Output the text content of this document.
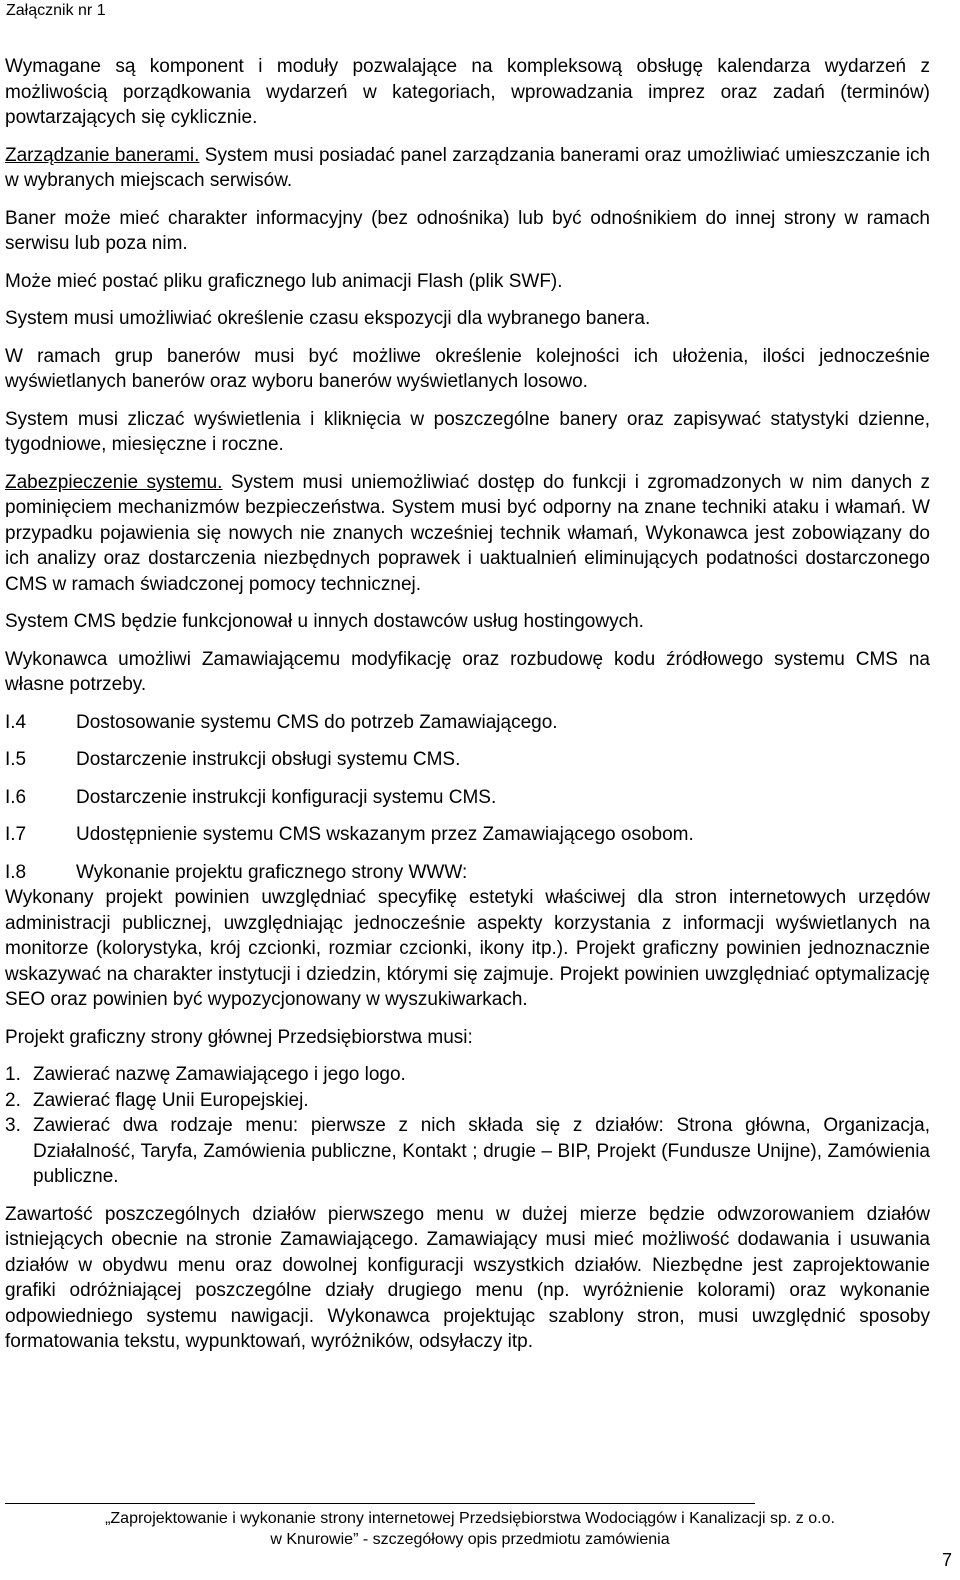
Załącznik nr 1

Wymagane są komponent i moduły pozwalające na kompleksową obsługę kalendarza wydarzeń z możliwością porządkowania wydarzeń w kategoriach, wprowadzania imprez oraz zadań (terminów) powtarzających się cyklicznie.

Zarządzanie banerami. System musi posiadać panel zarządzania banerami oraz umożliwiać umieszczanie ich w wybranych miejscach serwisów.

Baner może mieć charakter informacyjny (bez odnośnika) lub być odnośnikiem do innej strony w ramach serwisu lub poza nim.

Może mieć postać pliku graficznego lub animacji Flash (plik SWF).

System musi umożliwiać określenie czasu ekspozycji dla wybranego banera.

W ramach grup banerów musi być możliwe określenie kolejności ich ułożenia, ilości jednocześnie wyświetlanych banerów oraz wyboru banerów wyświetlanych losowo.

System musi zliczać wyświetlenia i kliknięcia w poszczególne banery oraz zapisywać statystyki dzienne, tygodniowe, miesięczne i roczne.

Zabezpieczenie systemu. System musi uniemożliwiać dostęp do funkcji i zgromadzonych w nim danych z pominięciem mechanizmów bezpieczeństwa. System musi być odporny na znane techniki ataku i włamań. W przypadku pojawienia się nowych nie znanych wcześniej technik włamań, Wykonawca jest zobowiązany do ich analizy oraz dostarczenia niezbędnych poprawek i uaktualnień eliminujących podatności dostarczonego CMS w ramach świadczonej pomocy technicznej.

System CMS będzie funkcjonował u innych dostawców usług hostingowych.

Wykonawca umożliwi Zamawiającemu modyfikację oraz rozbudowę kodu źródłowego systemu CMS na własne potrzeby.

I.4	Dostosowanie systemu CMS do potrzeb Zamawiającego.
I.5	Dostarczenie instrukcji obsługi systemu CMS.
I.6	Dostarczenie instrukcji konfiguracji systemu CMS.
I.7	Udostępnienie systemu CMS wskazanym przez Zamawiającego osobom.
I.8	Wykonanie projektu graficznego strony WWW:

Wykonany projekt powinien uwzględniać specyfikę estetyki właściwej dla stron internetowych urzędów administracji publicznej, uwzględniając jednocześnie aspekty korzystania z informacji wyświetlanych na monitorze (kolorystyka, krój czcionki, rozmiar czcionki, ikony itp.). Projekt graficzny powinien jednoznacznie wskazywać na charakter instytucji i dziedzin, którymi się zajmuje. Projekt powinien uwzględniać optymalizację SEO oraz powinien być wypozycjonowany w wyszukiwarkach.

Projekt graficzny strony głównej Przedsiębiorstwa musi:

1. Zawierać nazwę Zamawiającego i jego logo.
2. Zawierać flagę Unii Europejskiej.
3. Zawierać dwa rodzaje menu: pierwsze z nich składa się z działów: Strona główna, Organizacja, Działalność, Taryfa, Zamówienia publiczne, Kontakt ; drugie – BIP, Projekt (Fundusze Unijne), Zamówienia publiczne.

Zawartość poszczególnych działów pierwszego menu w dużej mierze będzie odwzorowaniem działów istniejących obecnie na stronie Zamawiającego. Zamawiający musi mieć możliwość dodawania i usuwania działów w obydwu menu oraz dowolnej konfiguracji wszystkich działów. Niezbędne jest zaprojektowanie grafiki odróżniającej poszczególne działy drugiego menu (np. wyróżnienie kolorami) oraz wykonanie odpowiedniego systemu nawigacji. Wykonawca projektując szablony stron, musi uwzględnić sposoby formatowania tekstu, wypunktowań, wyróżników, odsyłaczy itp.

„Zaprojektowanie i wykonanie strony internetowej Przedsiębiorstwa Wodociągów i Kanalizacji sp. z o.o.
w Knurowie” - szczegółowy opis przedmiotu zamówienia
7
